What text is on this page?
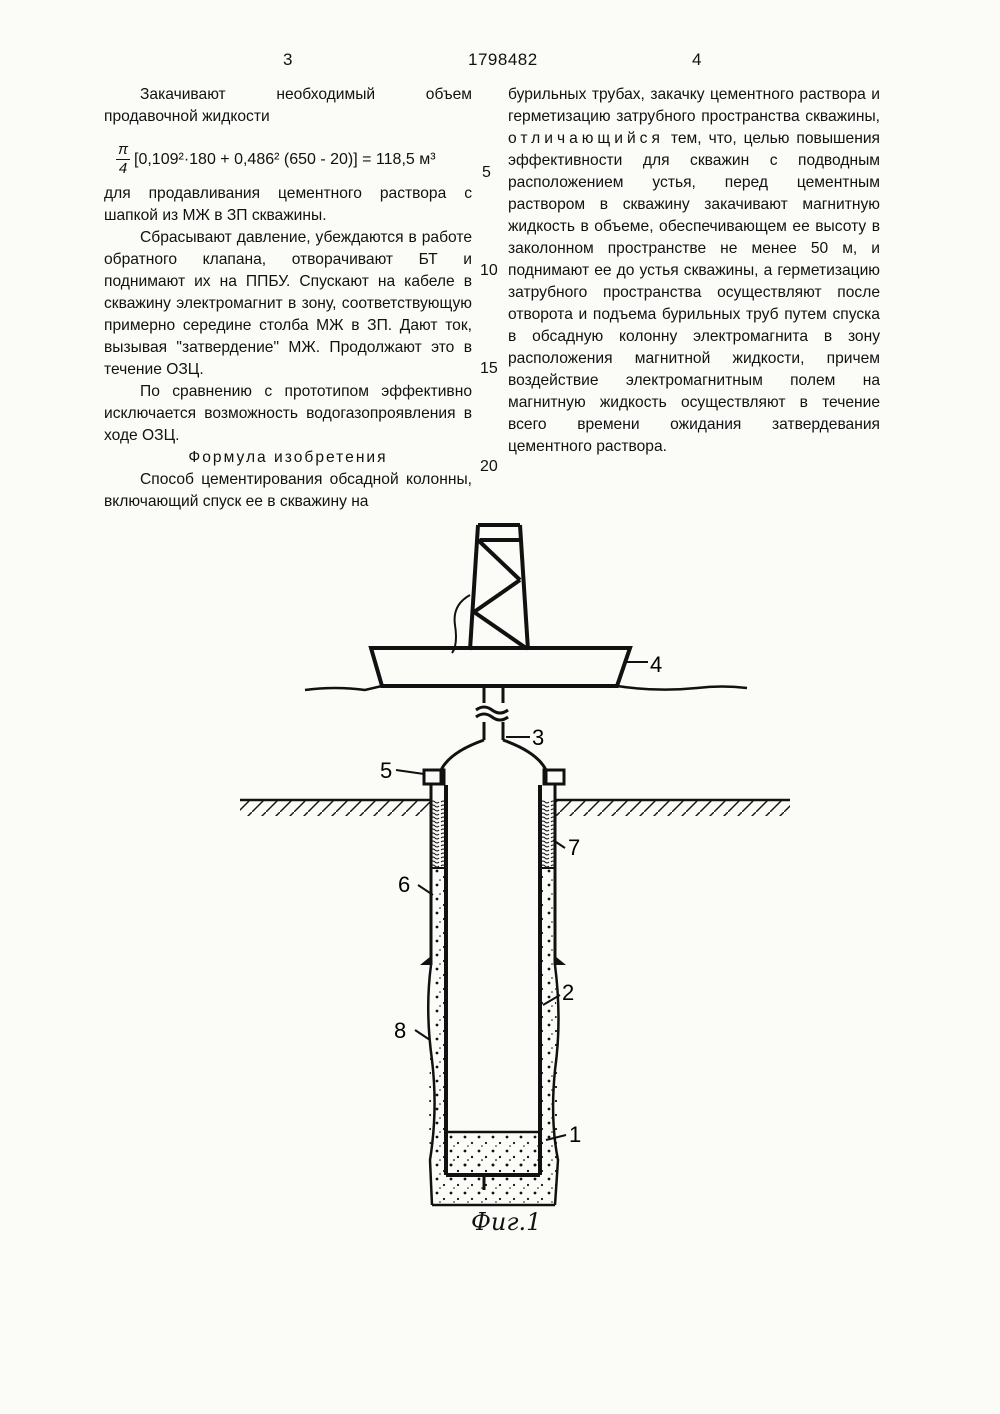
3	1798482	4

Закачивают необходимый объем продавочной жидкости

$\frac{\pi}{4} [0,109^2\cdot 180 + 0,486^2$ (650 - 20)] = 118,5 м³

для продавливания цементного раствора с шапкой из МЖ в ЗП скважины.

Сбрасывают давление, убеждаются в работе обратного клапана, отворачивают БТ и поднимают их на ППБУ. Спускают на кабеле в скважину электромагнит в зону, соответствующую примерно середине столба МЖ в ЗП. Дают ток, вызывая "затвердение" МЖ. Продолжают это в течение ОЗЦ.

По сравнению с прототипом эффективно исключается возможность водогазопроявления в ходе ОЗЦ.

Формула изобретения

Способ цементирования обсадной колонны, включающий спуск ее в скважину на

бурильных трубах, закачку цементного раствора и герметизацию затрубного пространства скважины, отличающийся тем, что, целью повышения эффективности для скважин с подводным расположением устья, перед цементным раствором в скважину закачивают магнитную жидкость в объеме, обеспечивающем ее высоту в заколонном пространстве не менее 50 м, и поднимают ее до устья скважины, а герметизацию затрубного пространства осуществляют после отворота и подъема бурильных труб путем спуска в обсадную колонну электромагнита в зону расположения магнитной жидкости, причем воздействие электромагнитным полем на магнитную жидкость осуществляют в течение всего времени ожидания затвердевания цементного раствора.

5
10
15
20
4
3
5
7
6
2
8
1
Фиг.1
